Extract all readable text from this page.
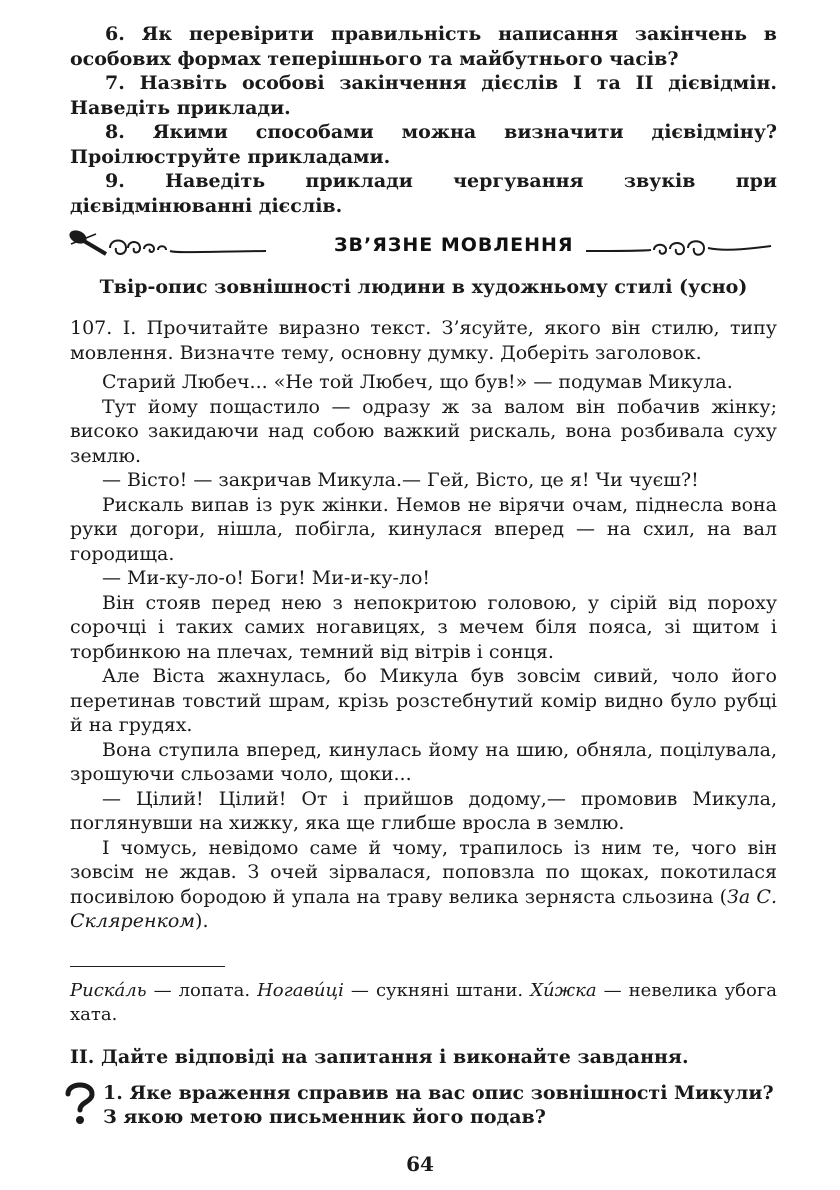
6. Як перевірити правильність написання закінчень в особових формах теперішнього та майбутнього часів?

7. Назвіть особові закінчення дієслів І та ІІ дієвідмін. Наведіть приклади.

8. Якими способами можна визначити дієвідміну? Проілюструйте прикладами.

9. Наведіть приклади чергування звуків при дієвідмінюванні дієслів.

ЗВ’ЯЗНЕ МОВЛЕННЯ
Твір-опис зовнішності людини в художньому стилі (усно)

107. І. Прочитайте виразно текст. З’ясуйте, якого він стилю, типу мовлення. Визначте тему, основну думку. Доберіть заголовок.

Старий Любеч... «Не той Любеч, що був!» — подумав Микула.

Тут йому пощастило — одразу ж за валом він побачив жінку; високо закидаючи над собою важкий рискаль, вона розбивала суху землю.

— Вісто! — закричав Микула.— Гей, Вісто, це я! Чи чуєш?!

Рискаль випав із рук жінки. Немов не вірячи очам, піднесла вона руки догори, нішла, побігла, кинулася вперед — на схил, на вал городища.

— Ми-ку-ло-о! Боги! Ми-и-ку-ло!

Він стояв перед нею з непокритою головою, у сірій від пороху сорочці і таких самих ногавицях, з мечем біля пояса, зі щитом і торбинкою на плечах, темний від вітрів і сонця.

Але Віста жахнулась, бо Микула був зовсім сивий, чоло його перетинав товстий шрам, крізь розстебнутий комір видно було рубці й на грудях.

Вона ступила вперед, кинулась йому на шию, обняла, поцілувала, зрошуючи сльозами чоло, щоки...

— Цілий! Цілий! От і прийшов додому,— промовив Микула, поглянувши на хижку, яка ще глибше вросла в землю.

І чомусь, невідомо саме й чому, трапилось із ним те, чого він зовсім не ждав. З очей зірвалася, поповзла по щоках, покотилася посивілою бородою й упала на траву велика зерняста сльозина (За С. Скляренком).

Риска́ль — лопата. Ногави́ці — сукняні штани. Хи́жка — невелика убога хата.
ІІ. Дайте відповіді на запитання і виконайте завдання.
1. Яке враження справив на вас опис зовнішності Микули? З якою метою письменник його подав?
64
